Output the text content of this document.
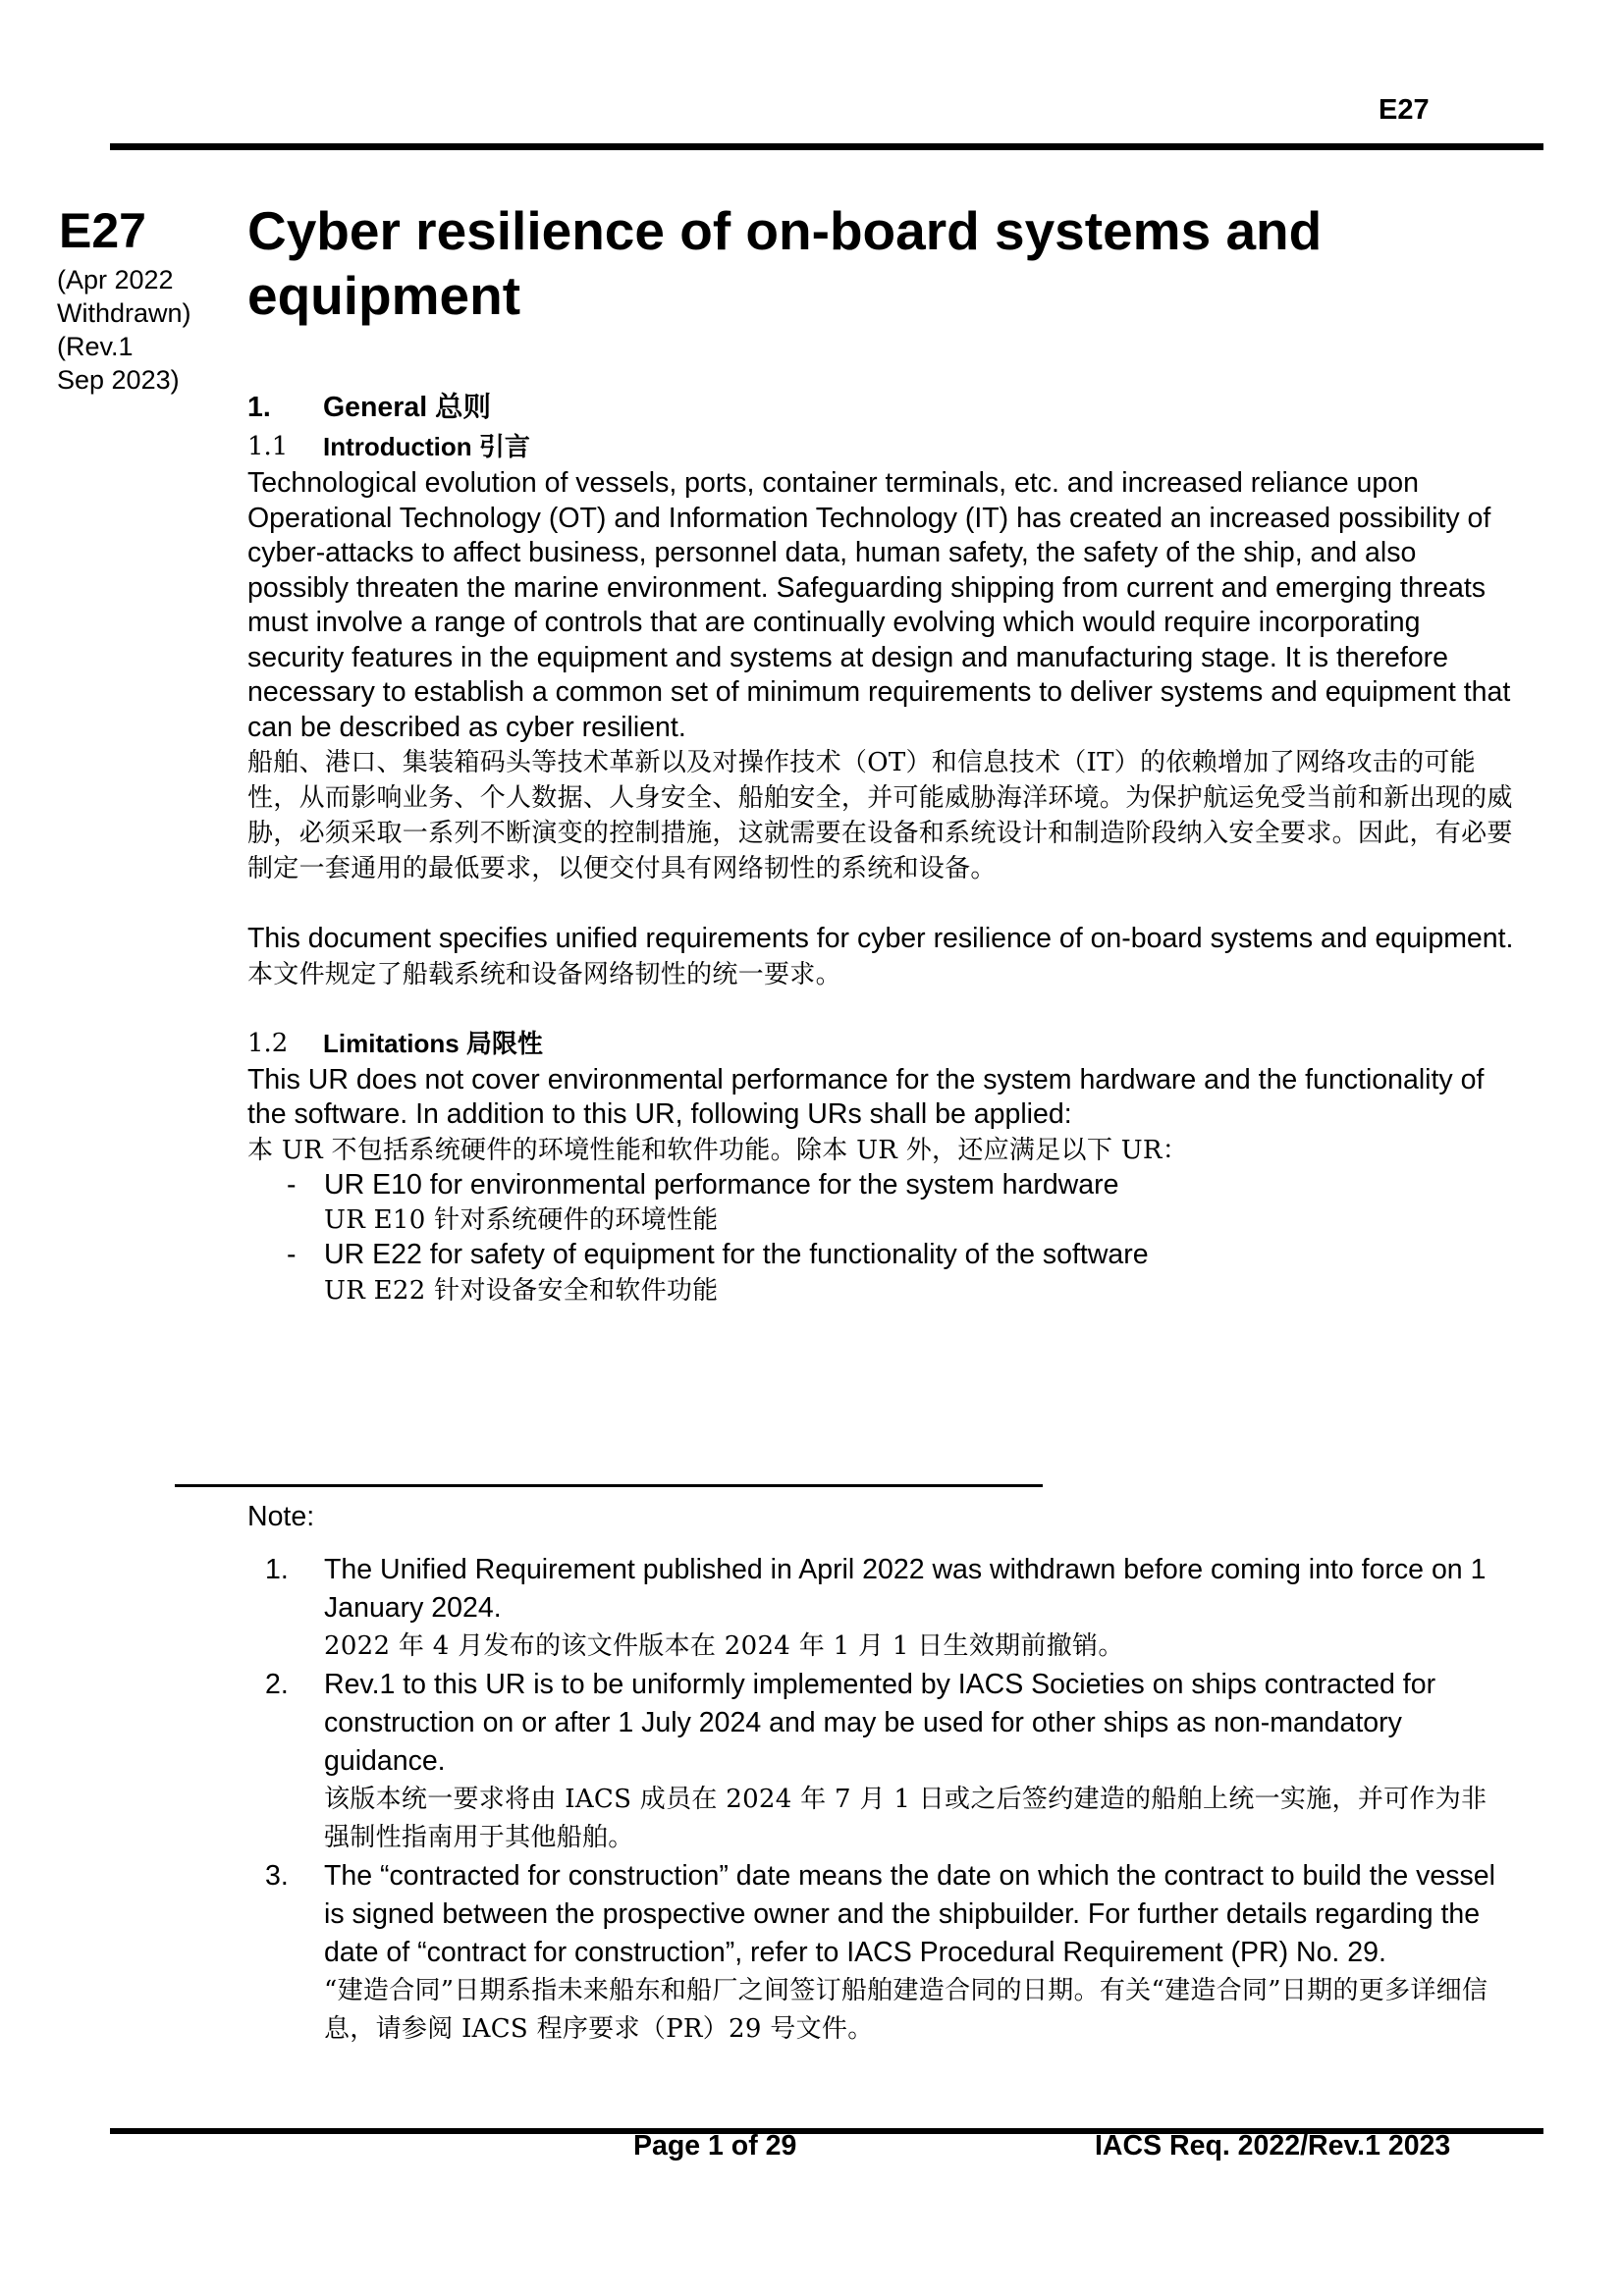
E27
E27
(Apr 2022
Withdrawn)
(Rev.1
Sep 2023)
Cyber resilience of on-board systems and equipment
1.	General 总则
1.1	Introduction 引言

Technological evolution of vessels, ports, container terminals, etc. and increased reliance upon Operational Technology (OT) and Information Technology (IT) has created an increased possibility of cyber-attacks to affect business, personnel data, human safety, the safety of the ship, and also possibly threaten the marine environment. Safeguarding shipping from current and emerging threats must involve a range of controls that are continually evolving which would require incorporating security features in the equipment and systems at design and manufacturing stage. It is therefore necessary to establish a common set of minimum requirements to deliver systems and equipment that can be described as cyber resilient.

船舶、港口、集装箱码头等技术革新以及对操作技术（OT）和信息技术（IT）的依赖增加了网络攻击的可能性，从而影响业务、个人数据、人身安全、船舶安全，并可能威胁海洋环境。为保护航运免受当前和新出现的威胁，必须采取一系列不断演变的控制措施，这就需要在设备和系统设计和制造阶段纳入安全要求。因此，有必要制定一套通用的最低要求，以便交付具有网络韧性的系统和设备。

This document specifies unified requirements for cyber resilience of on-board systems and equipment.

本文件规定了船载系统和设备网络韧性的统一要求。

1.2	Limitations 局限性

This UR does not cover environmental performance for the system hardware and the functionality of the software. In addition to this UR, following URs shall be applied:

本 UR 不包括系统硬件的环境性能和软件功能。除本 UR 外，还应满足以下 UR：

-	UR E10 for environmental performance for the system hardware

UR E10 针对系统硬件的环境性能

-	UR E22 for safety of equipment for the functionality of the software

UR E22 针对设备安全和软件功能

Note:
1.	The Unified Requirement published in April 2022 was withdrawn before coming into force on 1 January 2024.

2022 年 4 月发布的该文件版本在 2024 年 1 月 1 日生效期前撤销。

2.	Rev.1 to this UR is to be uniformly implemented by IACS Societies on ships contracted for construction on or after 1 July 2024 and may be used for other ships as non-mandatory guidance.

该版本统一要求将由 IACS 成员在 2024 年 7 月 1 日或之后签约建造的船舶上统一实施，并可作为非强制性指南用于其他船舶。

3.	The “contracted for construction” date means the date on which the contract to build the vessel is signed between the prospective owner and the shipbuilder. For further details regarding the date of “contract for construction”, refer to IACS Procedural Requirement (PR) No. 29.

“建造合同”日期系指未来船东和船厂之间签订船舶建造合同的日期。有关“建造合同”日期的更多详细信息，请参阅 IACS 程序要求（PR）29 号文件。

Page 1 of 29	IACS Req. 2022/Rev.1 2023
